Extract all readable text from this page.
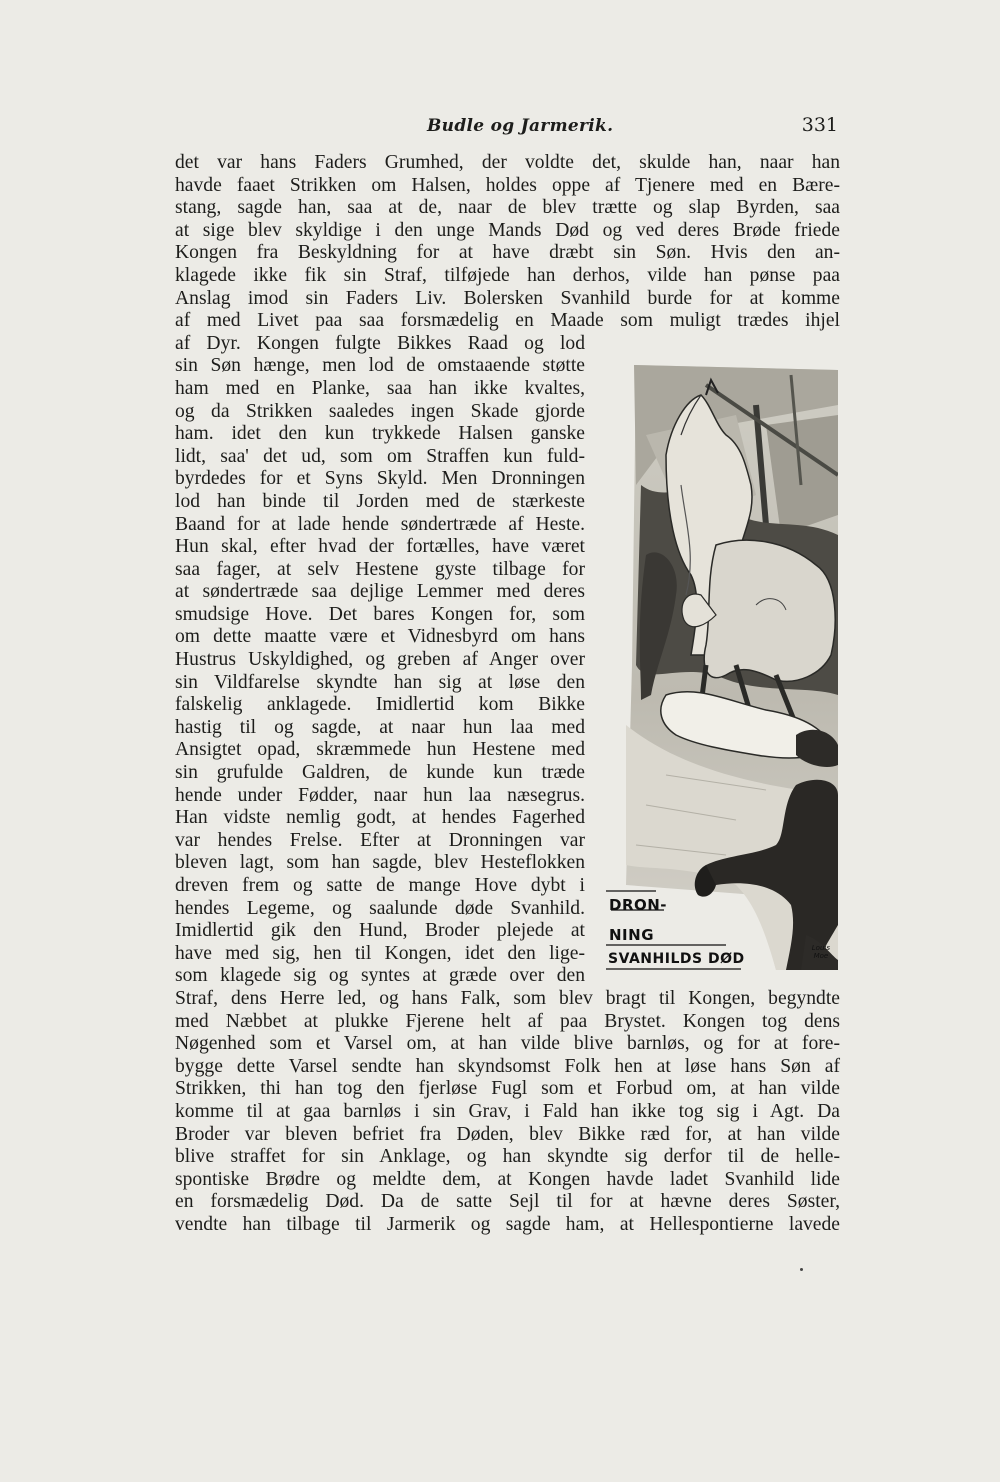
Budle og Jarmerik.	331
det var hans Faders Grumhed, der voldte det, skulde han, naar han
havde faaet Strikken om Halsen, holdes oppe af Tjenere med en Bære-
stang, sagde han, saa at de, naar de blev trætte og slap Byrden, saa
at sige blev skyldige i den unge Mands Død og ved deres Brøde friede
Kongen fra Beskyldning for at have dræbt sin Søn. Hvis den an-
klagede ikke fik sin Straf, tilføjede han derhos, vilde han pønse paa
Anslag imod sin Faders Liv. Bolersken Svanhild burde for at komme
af med Livet paa saa forsmædelig en Maade som muligt trædes ihjel
af Dyr. Kongen fulgte Bikkes Raad og lod
sin Søn hænge, men lod de omstaaende støtte
ham med en Planke, saa han ikke kvaltes,
og da Strikken saaledes ingen Skade gjorde
ham. idet den kun trykkede Halsen ganske
lidt, saa' det ud, som om Straffen kun fuld-
byrdedes for et Syns Skyld. Men Dronningen
lod han binde til Jorden med de stærkeste
Baand for at lade hende søndertræde af Heste.
Hun skal, efter hvad der fortælles, have været
saa fager, at selv Hestene gyste tilbage for
at søndertræde saa dejlige Lemmer med deres
smudsige Hove. Det bares Kongen for, som
om dette maatte være et Vidnesbyrd om hans
Hustrus Uskyldighed, og greben af Anger over
sin Vildfarelse skyndte han sig at løse den
falskelig anklagede. Imidlertid kom Bikke
hastig til og sagde, at naar hun laa med
Ansigtet opad, skræmmede hun Hestene med
sin grufulde Galdren, de kunde kun træde
hende under Fødder, naar hun laa næsegrus.
Han vidste nemlig godt, at hendes Fagerhed
var hendes Frelse. Efter at Dronningen var
bleven lagt, som han sagde, blev Hesteflokken
dreven frem og satte de mange Hove dybt i
hendes Legeme, og saalunde døde Svanhild.
Imidlertid gik den Hund, Broder plejede at
have med sig, hen til Kongen, idet den lige-
som klagede sig og syntes at græde over den
Straf, dens Herre led, og hans Falk, som blev bragt til Kongen, begyndte
med Næbbet at plukke Fjerene helt af paa Brystet. Kongen tog dens
Nøgenhed som et Varsel om, at han vilde blive barnløs, og for at fore-
bygge dette Varsel sendte han skyndsomst Folk hen at løse hans Søn af
Strikken, thi han tog den fjerløse Fugl som et Forbud om, at han vilde
komme til at gaa barnløs i sin Grav, i Fald han ikke tog sig i Agt. Da
Broder var bleven befriet fra Døden, blev Bikke ræd for, at han vilde
blive straffet for sin Anklage, og han skyndte sig derfor til de helle-
spontiske Brødre og meldte dem, at Kongen havde ladet Svanhild lide
en forsmædelig Død. Da de satte Sejl til for at hævne deres Søster,
vendte han tilbage til Jarmerik og sagde ham, at Hellespontierne lavede
DRON-
NING
SVANHILDS DØD
Louis
Moe
